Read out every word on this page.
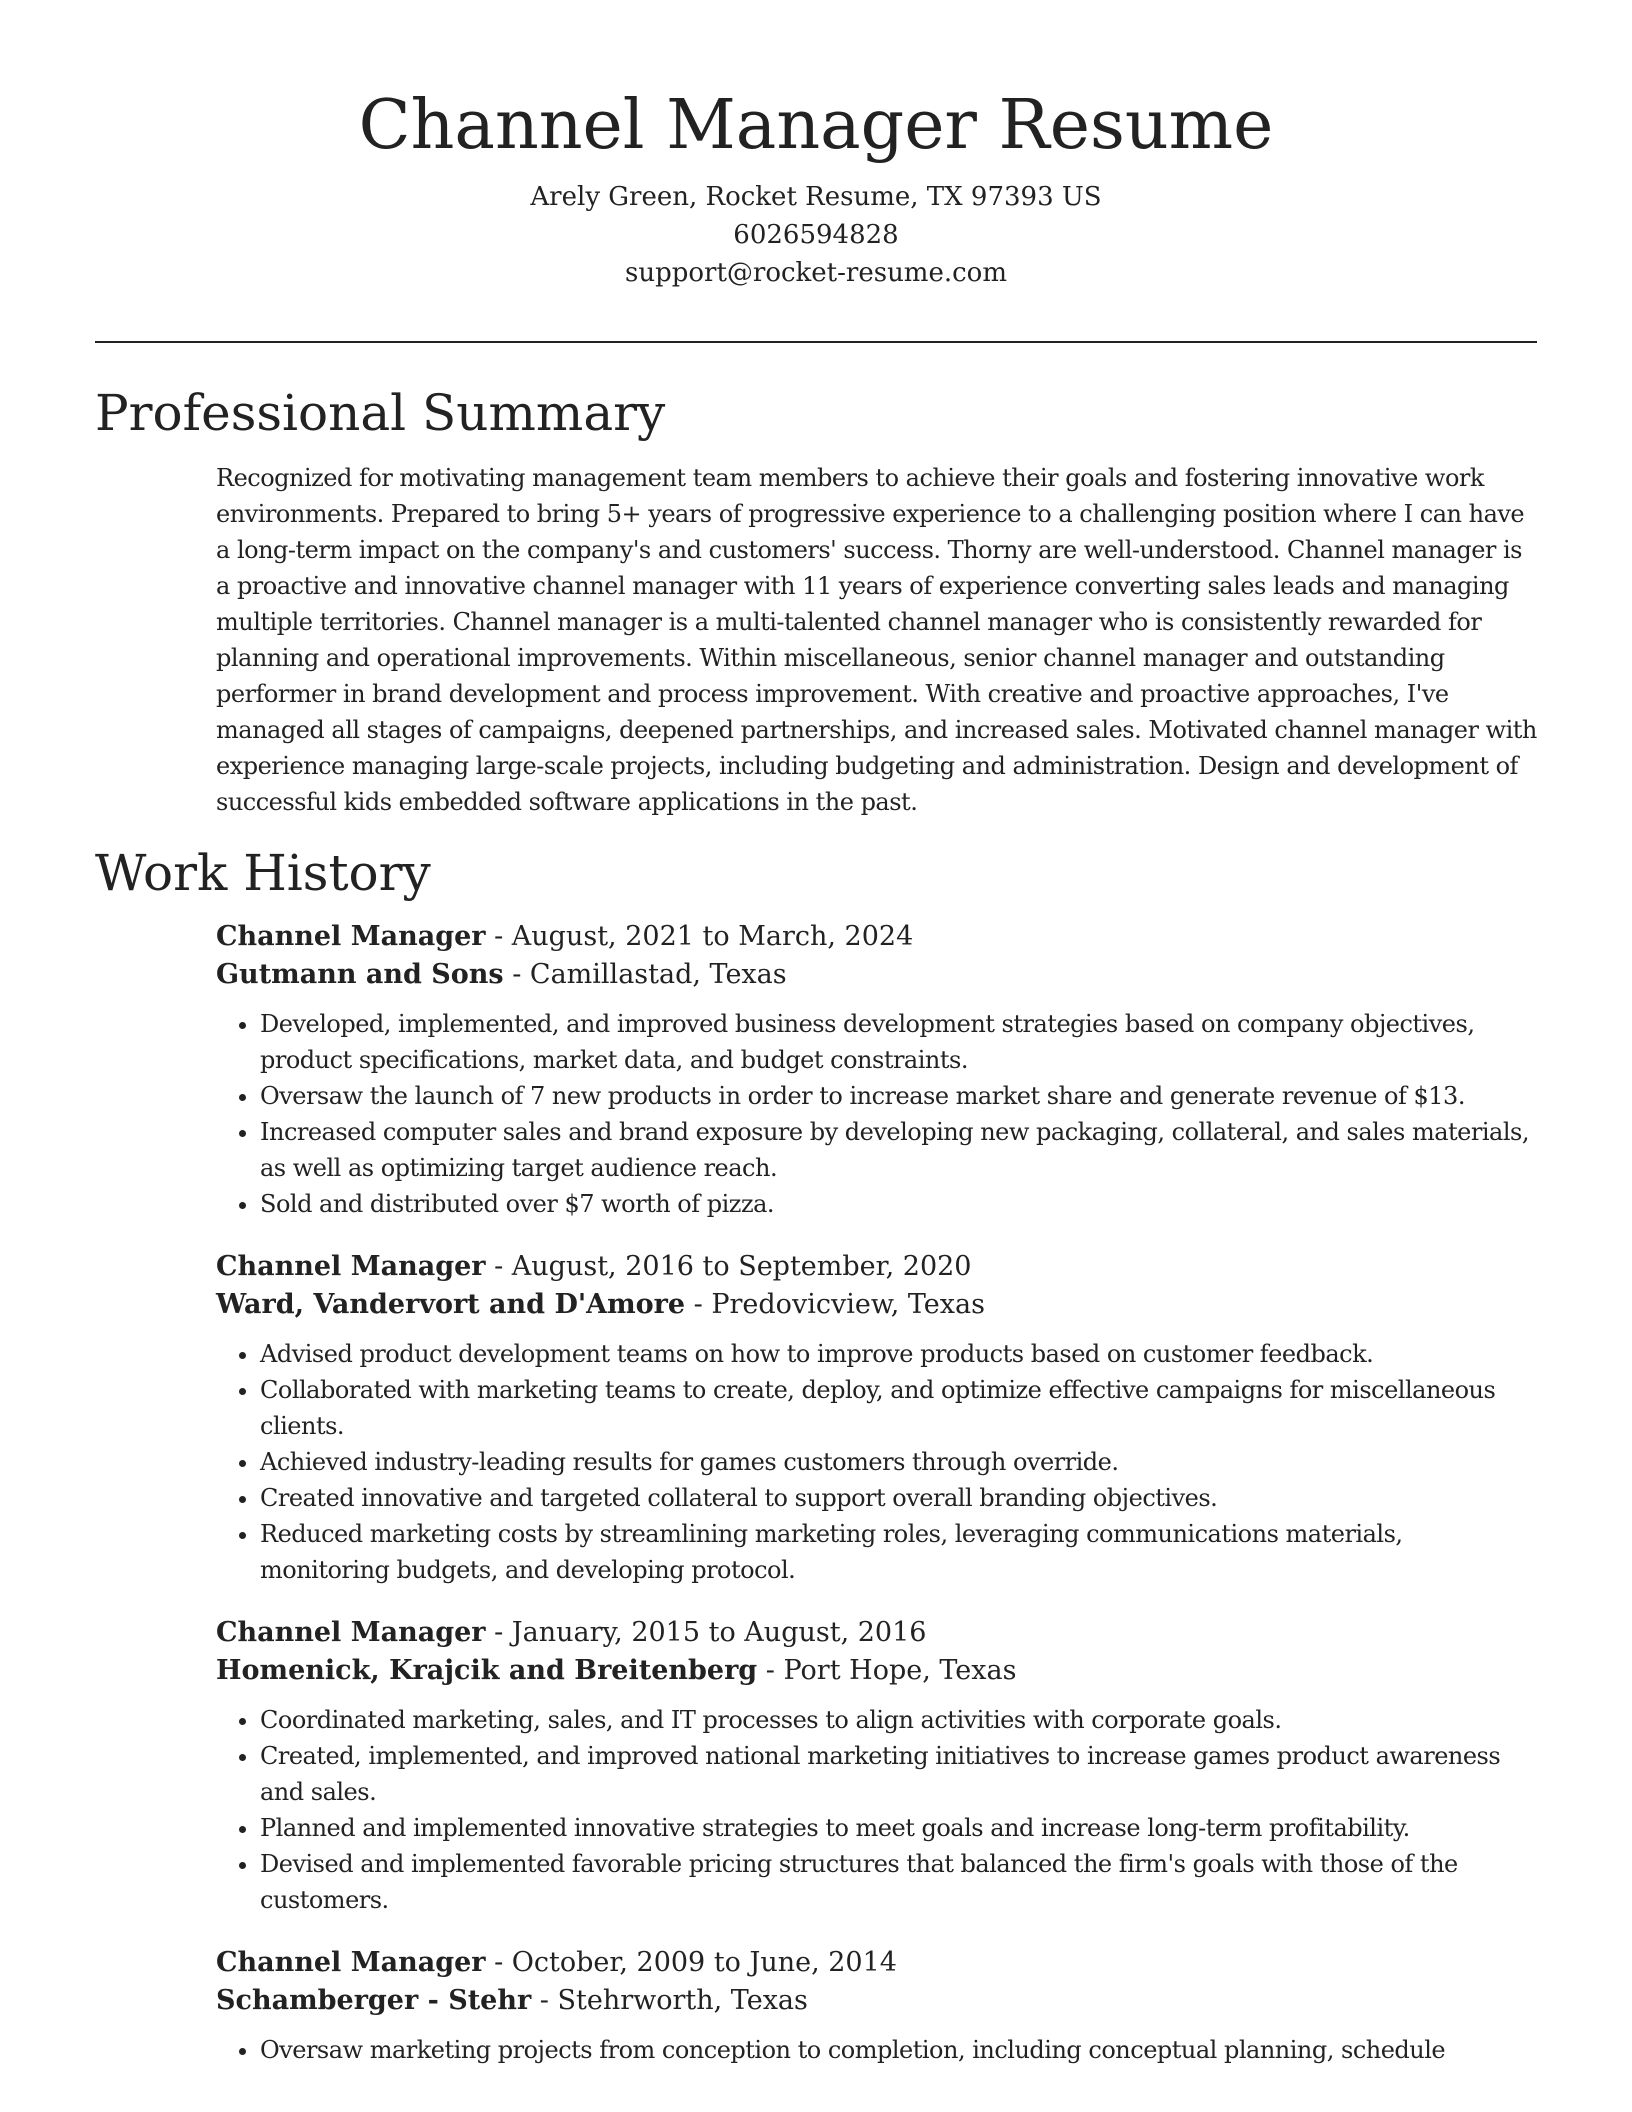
Channel Manager Resume
Arely Green, Rocket Resume, TX 97393 US
6026594828
support@rocket-resume.com
Professional Summary

Recognized for motivating management team members to achieve their goals and fostering innovative work environments. Prepared to bring 5+ years of progressive experience to a challenging position where I can have a long-term impact on the company's and customers' success. Thorny are well-understood. Channel manager is a proactive and innovative channel manager with 11 years of experience converting sales leads and managing multiple territories. Channel manager is a multi-talented channel manager who is consistently rewarded for planning and operational improvements. Within miscellaneous, senior channel manager and outstanding performer in brand development and process improvement. With creative and proactive approaches, I've managed all stages of campaigns, deepened partnerships, and increased sales. Motivated channel manager with experience managing large-scale projects, including budgeting and administration. Design and development of successful kids embedded software applications in the past.

Work History
Channel Manager - August, 2021 to March, 2024
Gutmann and Sons - Camillastad, Texas
• Developed, implemented, and improved business development strategies based on company objectives, product specifications, market data, and budget constraints.
• Oversaw the launch of 7 new products in order to increase market share and generate revenue of $13.
• Increased computer sales and brand exposure by developing new packaging, collateral, and sales materials, as well as optimizing target audience reach.
• Sold and distributed over $7 worth of pizza.
Channel Manager - August, 2016 to September, 2020
Ward, Vandervort and D'Amore - Predovicview, Texas
• Advised product development teams on how to improve products based on customer feedback.
• Collaborated with marketing teams to create, deploy, and optimize effective campaigns for miscellaneous clients.
• Achieved industry-leading results for games customers through override.
• Created innovative and targeted collateral to support overall branding objectives.
• Reduced marketing costs by streamlining marketing roles, leveraging communications materials, monitoring budgets, and developing protocol.
Channel Manager - January, 2015 to August, 2016
Homenick, Krajcik and Breitenberg - Port Hope, Texas
• Coordinated marketing, sales, and IT processes to align activities with corporate goals.
• Created, implemented, and improved national marketing initiatives to increase games product awareness and sales.
• Planned and implemented innovative strategies to meet goals and increase long-term profitability.
• Devised and implemented favorable pricing structures that balanced the firm's goals with those of the customers.
Channel Manager - October, 2009 to June, 2014
Schamberger - Stehr - Stehrworth, Texas
• Oversaw marketing projects from conception to completion, including conceptual planning, schedule
